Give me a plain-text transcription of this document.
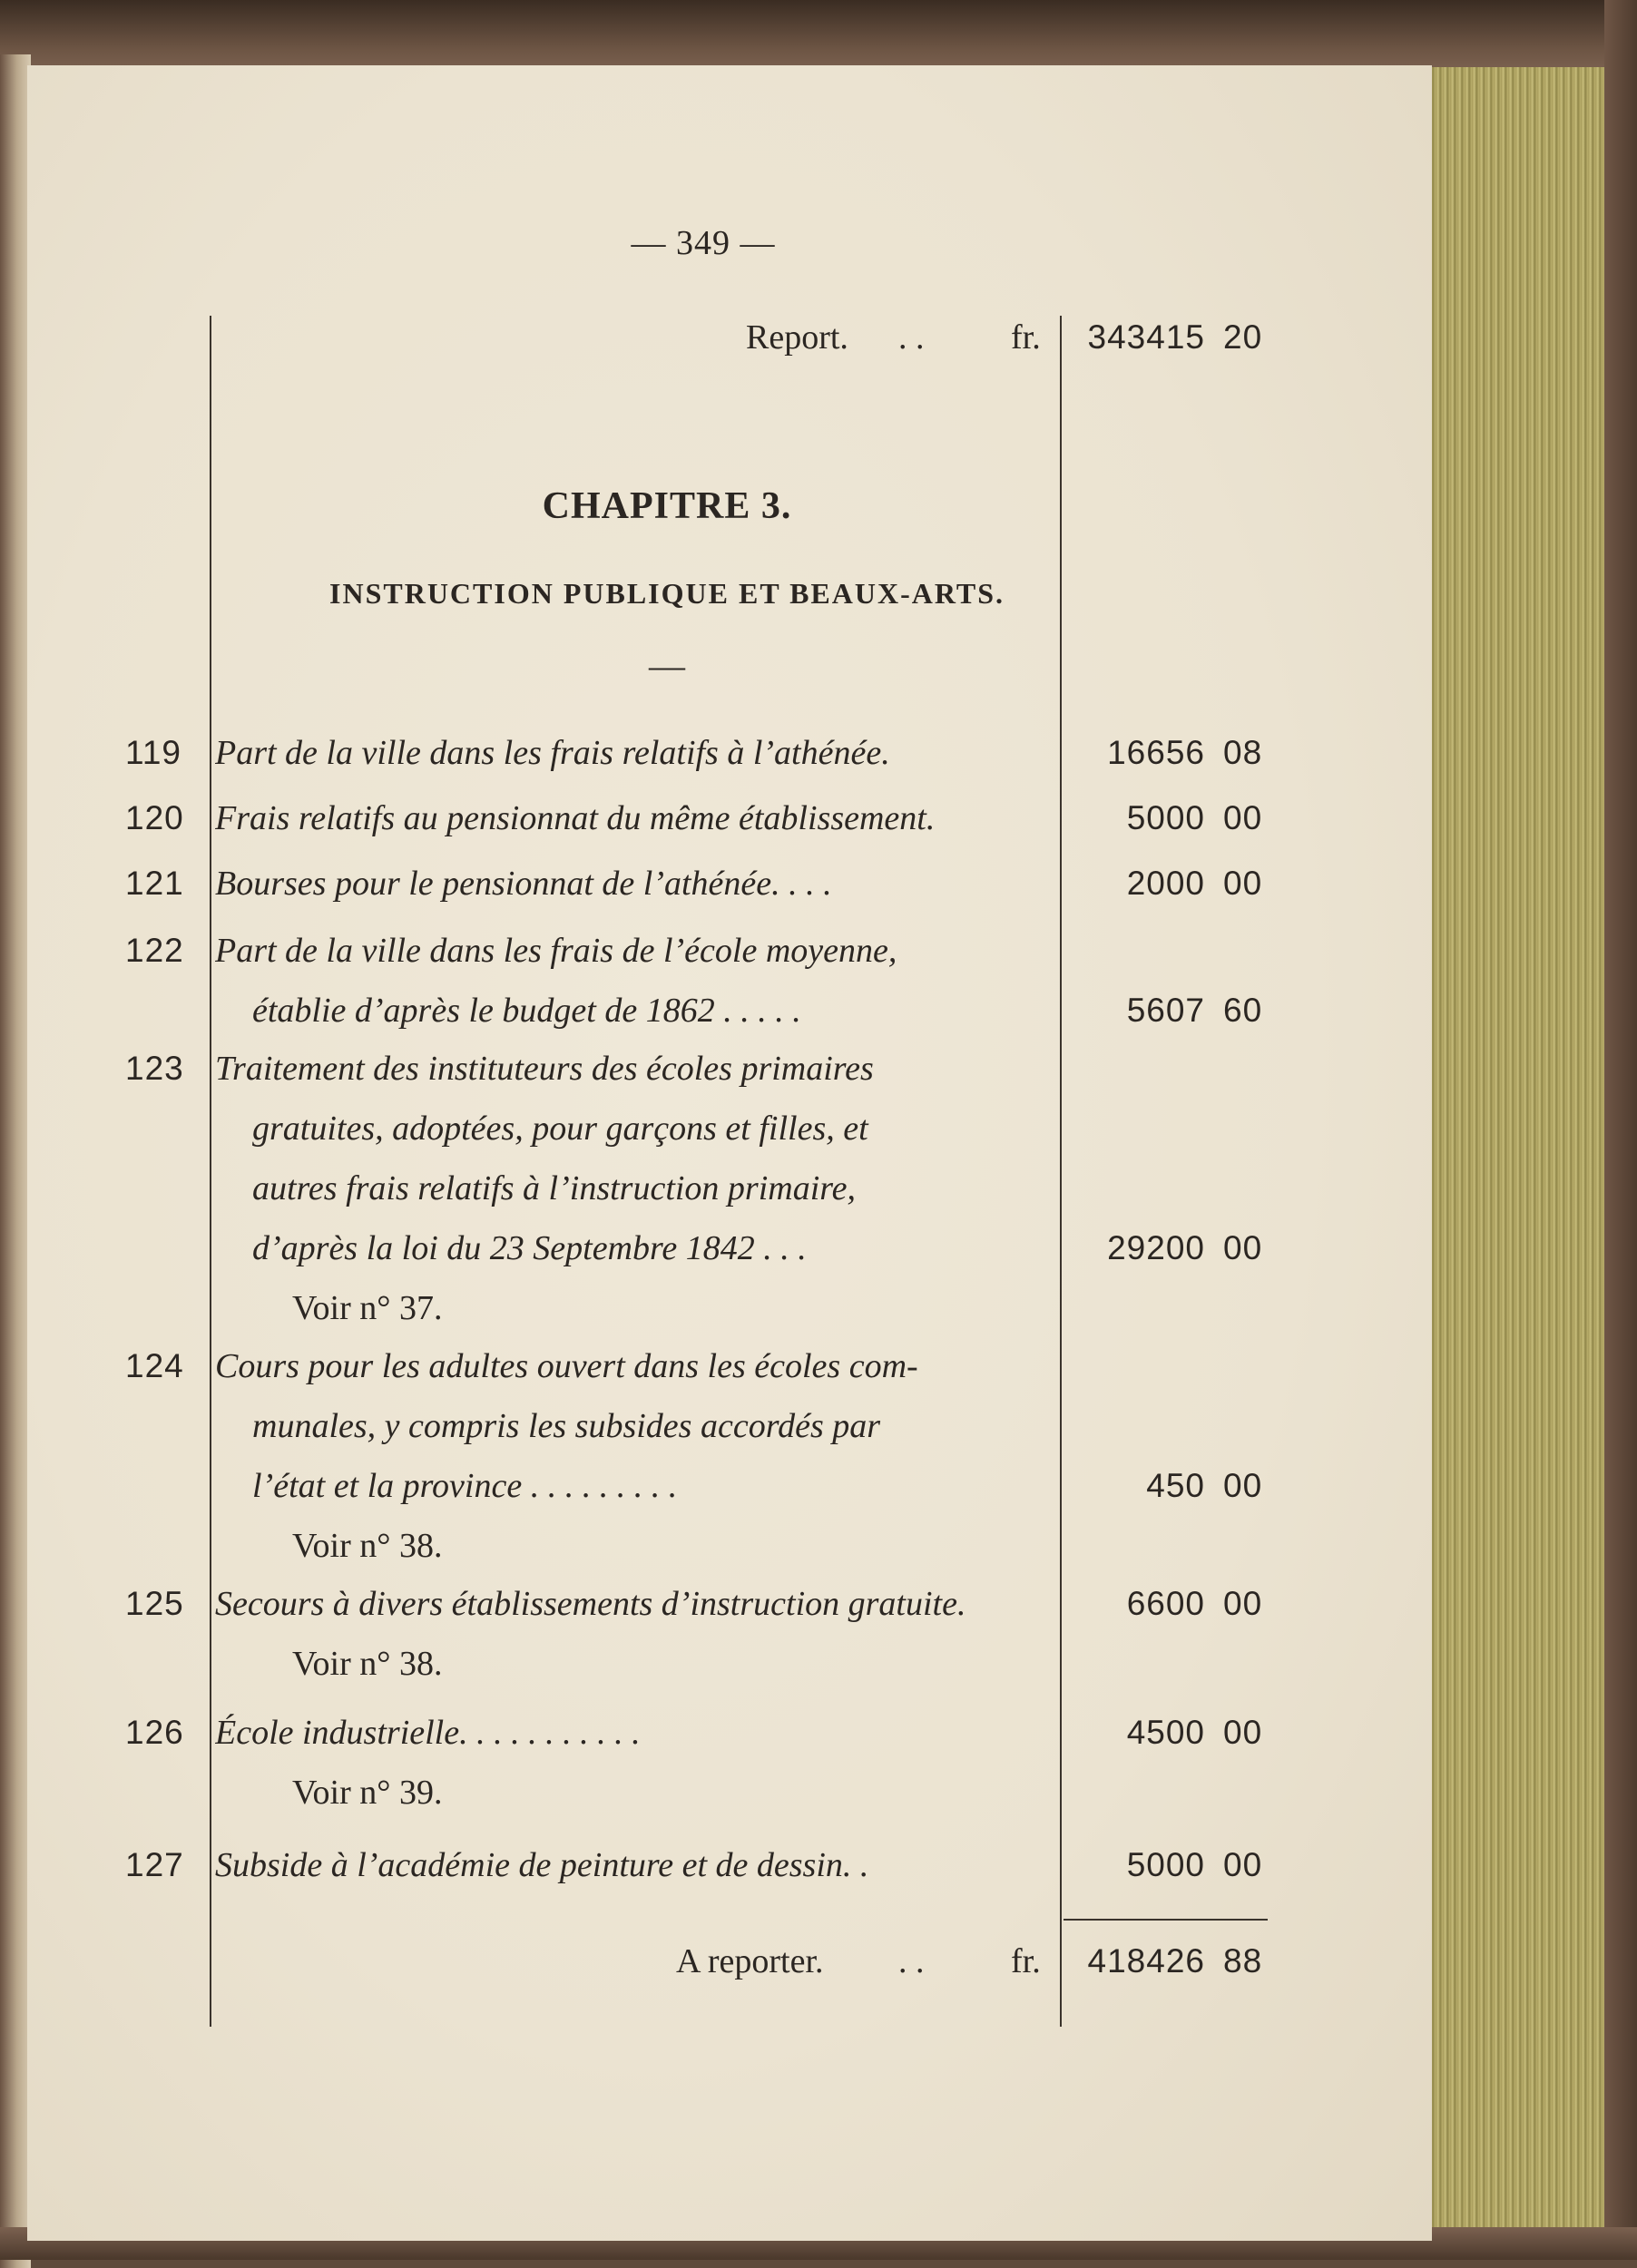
— 349 —
Report. . .	fr.	343415 20
CHAPITRE 3.
INSTRUCTION PUBLIQUE ET BEAUX-ARTS.
—
119 Part de la ville dans les frais relatifs à l’athénée.	16656 08
120 Frais relatifs au pensionnat du même établissement.	5000 00
121 Bourses pour le pensionnat de l’athénée. . . .	2000 00
122 Part de la ville dans les frais de l’école moyenne,
établie d’après le budget de 1862 . . . . .	5607 60
123 Traitement des instituteurs des écoles primaires
gratuites, adoptées, pour garçons et filles, et
autres frais relatifs à l’instruction primaire,
d’après la loi du 23 Septembre 1842 . . .	29200 00
Voir n° 37.
124 Cours pour les adultes ouvert dans les écoles com-
munales, y compris les subsides accordés par
l’état et la province . . . . . . . . .	450 00
Voir n° 38.
125 Secours à divers établissements d’instruction gratuite.	6600 00
Voir n° 38.
126 École industrielle. . . . . . . . . . .	4500 00
Voir n° 39.
127 Subside à l’académie de peinture et de dessin. .	5000 00
A reporter. . .	fr.	418426 88
